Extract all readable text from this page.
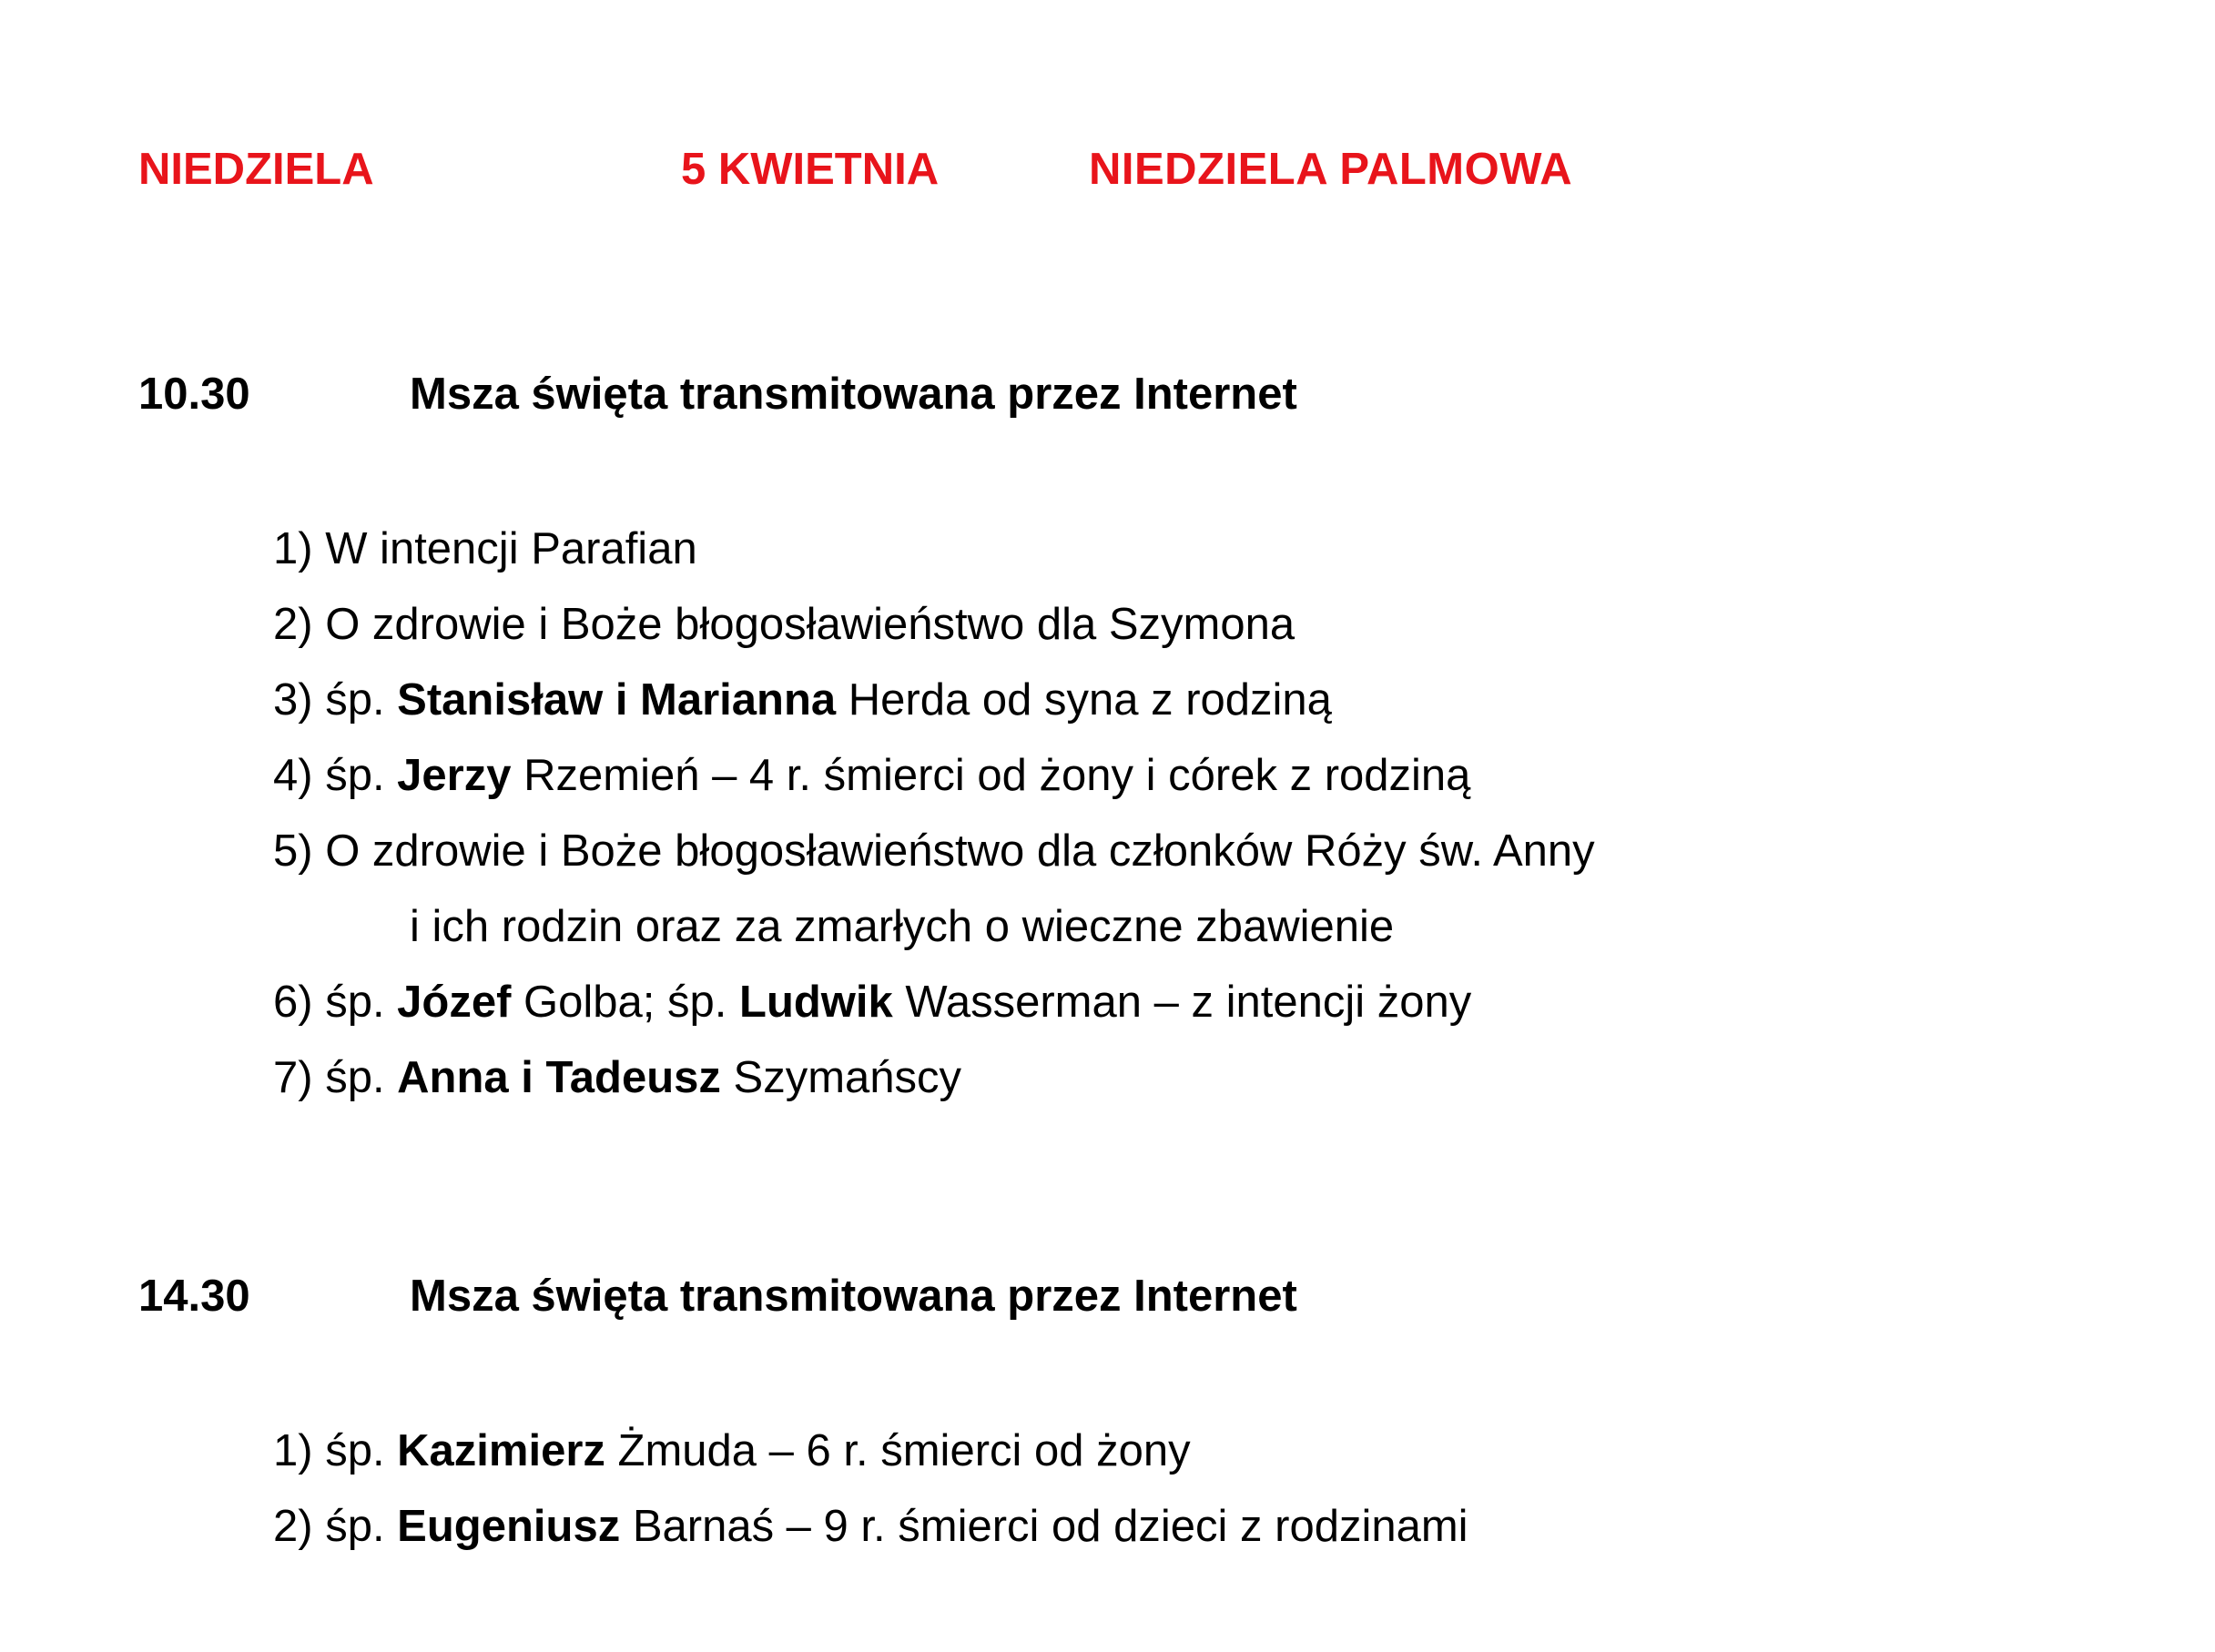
NIEDZIELA	5 KWIETNIA	NIEDZIELA PALMOWA
10.30	Msza święta transmitowana przez Internet
1) W intencji Parafian
2) O zdrowie i Boże błogosławieństwo dla Szymona
3) śp. Stanisław i Marianna Herda od syna z rodziną
4) śp. Jerzy Rzemień – 4 r. śmierci od żony i córek z rodziną
5) O zdrowie i Boże błogosławieństwo dla członków Róży św. Anny
i ich rodzin oraz za zmarłych o wieczne zbawienie
6) śp. Józef Golba; śp. Ludwik Wasserman – z intencji żony
7) śp. Anna i Tadeusz Szymańscy
14.30	Msza święta transmitowana przez Internet
1) śp. Kazimierz Żmuda – 6 r. śmierci od żony
2) śp. Eugeniusz Barnaś – 9 r. śmierci od dzieci z rodzinami
